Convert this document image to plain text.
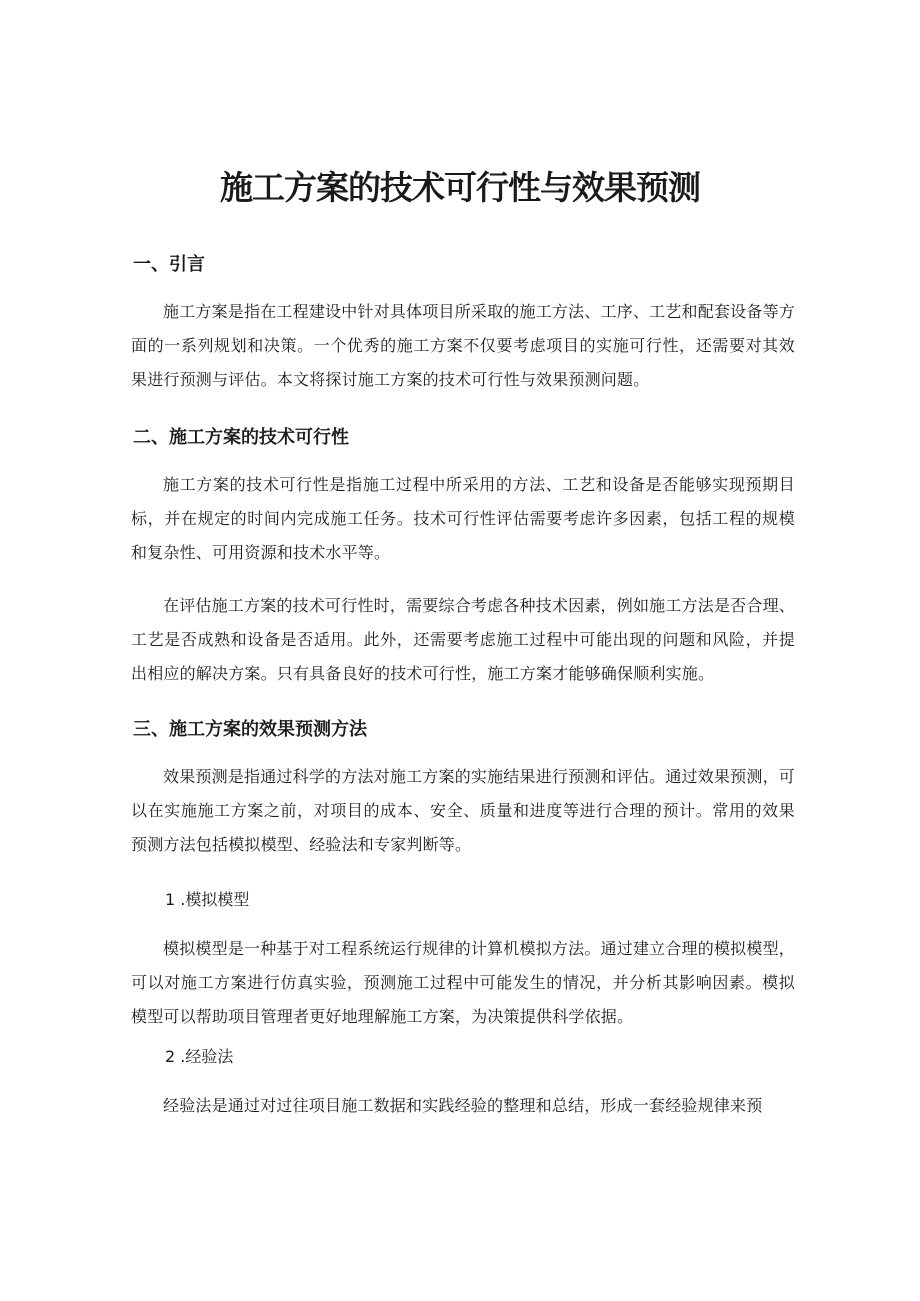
施工方案的技术可行性与效果预测
一、引言

施工方案是指在工程建设中针对具体项目所采取的施工方法、工序、工艺和配套设备等方面的一系列规划和决策。一个优秀的施工方案不仅要考虑项目的实施可行性，还需要对其效果进行预测与评估。本文将探讨施工方案的技术可行性与效果预测问题。

二、施工方案的技术可行性

施工方案的技术可行性是指施工过程中所采用的方法、工艺和设备是否能够实现预期目标，并在规定的时间内完成施工任务。技术可行性评估需要考虑许多因素，包括工程的规模和复杂性、可用资源和技术水平等。

在评估施工方案的技术可行性时，需要综合考虑各种技术因素，例如施工方法是否合理、工艺是否成熟和设备是否适用。此外，还需要考虑施工过程中可能出现的问题和风险，并提出相应的解决方案。只有具备良好的技术可行性，施工方案才能够确保顺利实施。

三、施工方案的效果预测方法

效果预测是指通过科学的方法对施工方案的实施结果进行预测和评估。通过效果预测，可以在实施施工方案之前，对项目的成本、安全、质量和进度等进行合理的预计。常用的效果预测方法包括模拟模型、经验法和专家判断等。

1 .模拟模型

模拟模型是一种基于对工程系统运行规律的计算机模拟方法。通过建立合理的模拟模型，可以对施工方案进行仿真实验，预测施工过程中可能发生的情况，并分析其影响因素。模拟模型可以帮助项目管理者更好地理解施工方案，为决策提供科学依据。

2 .经验法

经验法是通过对过往项目施工数据和实践经验的整理和总结，形成一套经验规律来预
